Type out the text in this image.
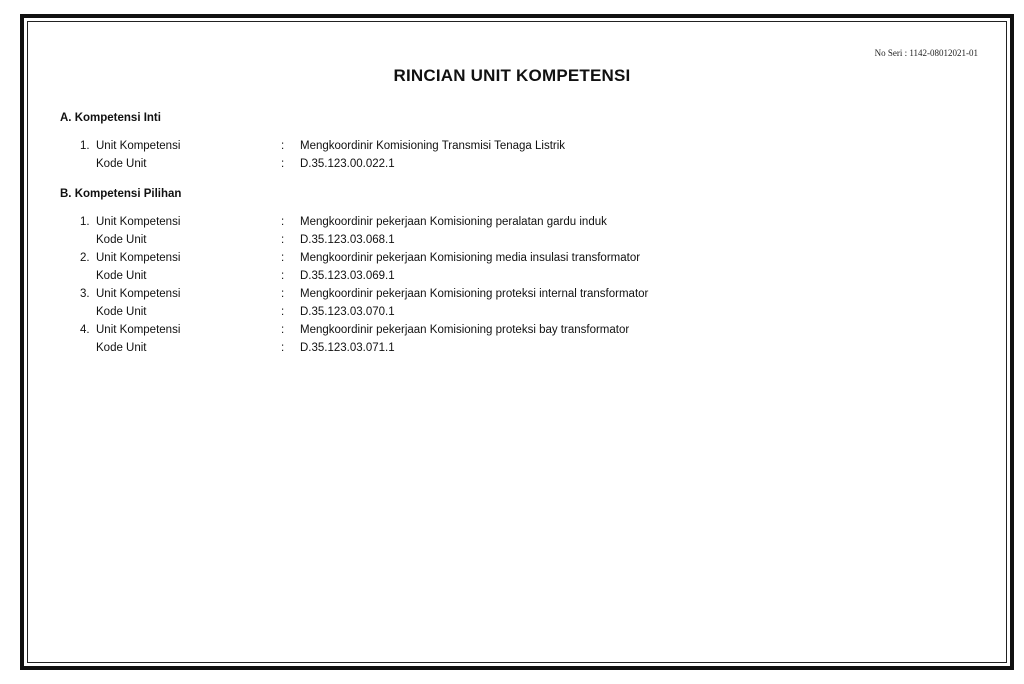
No Seri : 1142-08012021-01
RINCIAN UNIT KOMPETENSI
A. Kompetensi Inti
1. Unit Kompetensi	: Mengkoordinir Komisioning Transmisi Tenaga Listrik
Kode Unit	: D.35.123.00.022.1
B. Kompetensi Pilihan
1. Unit Kompetensi	: Mengkoordinir pekerjaan Komisioning peralatan gardu induk
Kode Unit	: D.35.123.03.068.1
2. Unit Kompetensi	: Mengkoordinir pekerjaan Komisioning media insulasi transformator
Kode Unit	: D.35.123.03.069.1
3. Unit Kompetensi	: Mengkoordinir pekerjaan Komisioning proteksi internal transformator
Kode Unit	: D.35.123.03.070.1
4. Unit Kompetensi	: Mengkoordinir pekerjaan Komisioning proteksi bay transformator
Kode Unit	: D.35.123.03.071.1
